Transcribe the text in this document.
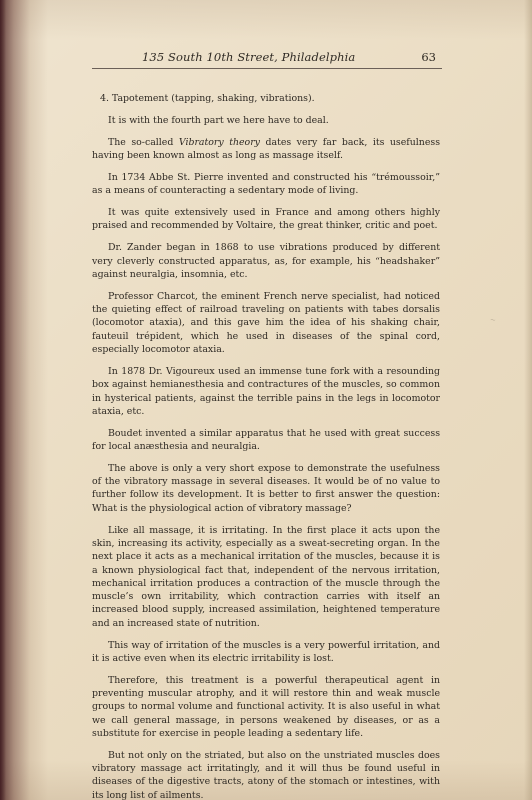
135 South 10th Street, Philadelphia	63

4. Tapotement (tapping, shaking, vibrations).

It is with the fourth part we here have to deal.

The so-called Vibratory theory dates very far back, its usefulness having been known almost as long as massage itself.

In 1734 Abbe St. Pierre invented and constructed his “trémoussoir,” as a means of counteracting a sedentary mode of living.

It was quite extensively used in France and among others highly praised and recommended by Voltaire, the great thinker, critic and poet.

Dr. Zander began in 1868 to use vibrations produced by different very cleverly constructed apparatus, as, for example, his “headshaker” against neuralgia, insomnia, etc.

Professor Charcot, the eminent French nerve specialist, had noticed the quieting effect of railroad traveling on patients with tabes dorsalis (locomotor ataxia), and this gave him the idea of his shaking chair, fauteuil trépident, which he used in diseases of the spinal cord, especially locomotor ataxia.

In 1878 Dr. Vigoureux used an immense tune fork with a resounding box against hemianesthesia and contractures of the muscles, so common in hysterical patients, against the terrible pains in the legs in locomotor ataxia, etc.

Boudet invented a similar apparatus that he used with great success for local anæsthesia and neuralgia.

The above is only a very short expose to demonstrate the usefulness of the vibratory massage in several diseases. It would be of no value to further follow its development. It is better to first answer the question: What is the physiological action of vibratory massage?

Like all massage, it is irritating. In the first place it acts upon the skin, increasing its activity, especially as a sweat-secreting organ. In the next place it acts as a mechanical irritation of the muscles, because it is a known physiological fact that, independent of the nervous irritation, mechanical irritation produces a contraction of the muscle through the muscle’s own irritability, which contraction carries with itself an increased blood supply, increased assimilation, heightened temperature and an increased state of nutrition.

This way of irritation of the muscles is a very powerful irritation, and it is active even when its electric irritability is lost.

Therefore, this treatment is a powerful therapeutical agent in preventing muscular atrophy, and it will restore thin and weak muscle groups to normal volume and functional activity. It is also useful in what we call general massage, in persons weakened by diseases, or as a substitute for exercise in people leading a sedentary life.

But not only on the striated, but also on the unstriated muscles does vibratory massage act irritatingly, and it will thus be found useful in diseases of the digestive tracts, atony of the stomach or intestines, with its long list of ailments.

~
